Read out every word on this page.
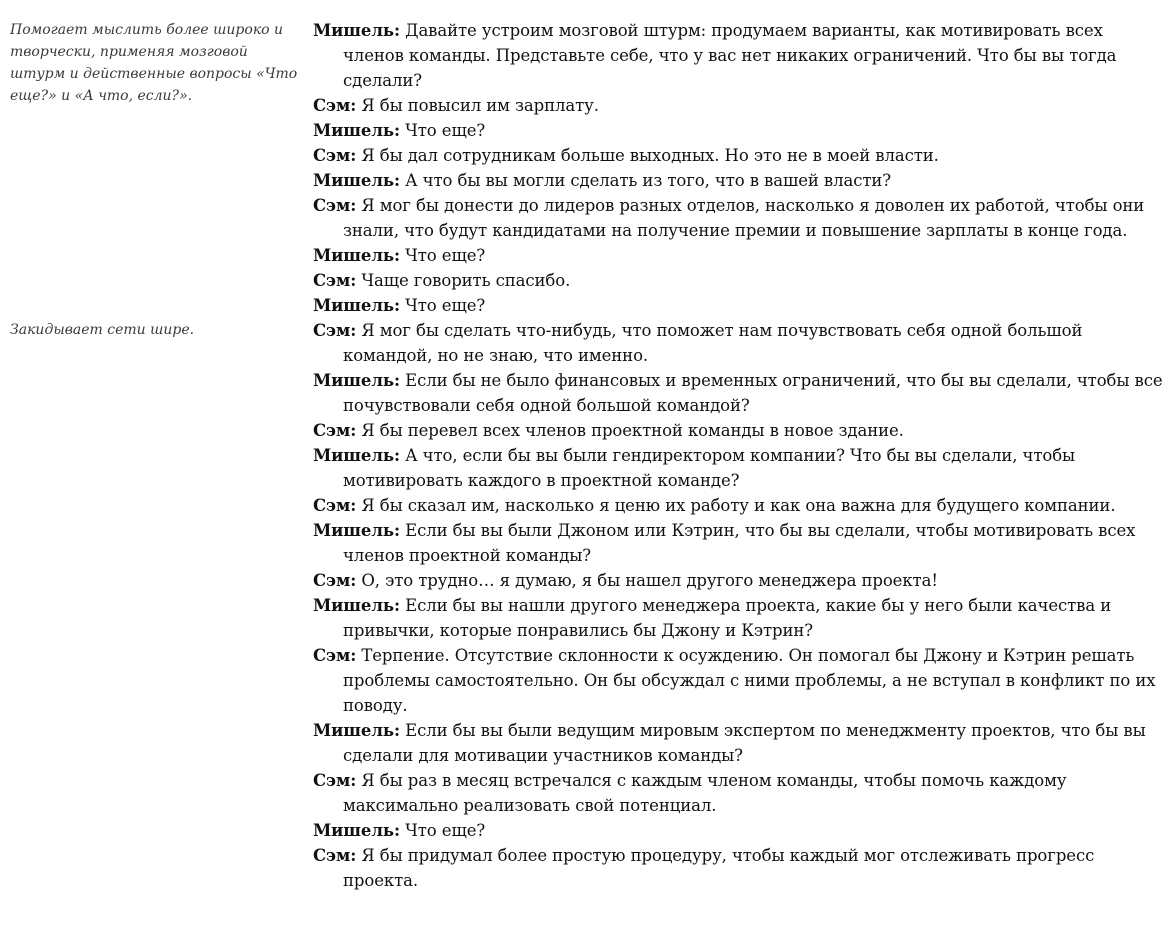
Помогает мыслить более широко и творчески, применяя мозговой штурм и действенные вопросы «Что еще?» и «А что, если?».

Закидывает сети шире.

Мишель: Давайте устроим мозговой штурм: продумаем варианты, как мотивировать всех членов команды. Представьте себе, что у вас нет никаких ограничений. Что бы вы тогда сделали?

Сэм: Я бы повысил им зарплату.

Мишель: Что еще?

Сэм: Я бы дал сотрудникам больше выходных. Но это не в моей власти.

Мишель: А что бы вы могли сделать из того, что в вашей власти?

Сэм: Я мог бы донести до лидеров разных отделов, насколько я доволен их работой, чтобы они знали, что будут кандидатами на получение премии и повышение зарплаты в конце года.

Мишель: Что еще?

Сэм: Чаще говорить спасибо.

Мишель: Что еще?

Сэм: Я мог бы сделать что-нибудь, что поможет нам почувствовать себя одной большой командой, но не знаю, что именно.

Мишель: Если бы не было финансовых и временных ограничений, что бы вы сделали, чтобы все почувствовали себя одной большой командой?

Сэм: Я бы перевел всех членов проектной команды в новое здание.

Мишель: А что, если бы вы были гендиректором компании? Что бы вы сделали, чтобы мотивировать каждого в проектной команде?

Сэм: Я бы сказал им, насколько я ценю их работу и как она важна для будущего компании.

Мишель: Если бы вы были Джоном или Кэтрин, что бы вы сделали, чтобы мотивировать всех членов проектной команды?

Сэм: О, это трудно… я думаю, я бы нашел другого менеджера проекта!

Мишель: Если бы вы нашли другого менеджера проекта, какие бы у него были качества и привычки, которые понравились бы Джону и Кэтрин?

Сэм: Терпение. Отсутствие склонности к осуждению. Он помогал бы Джону и Кэтрин решать проблемы самостоятельно. Он бы обсуждал с ними проблемы, а не вступал в конфликт по их поводу.

Мишель: Если бы вы были ведущим мировым экспертом по менеджменту проектов, что бы вы сделали для мотивации участников команды?

Сэм: Я бы раз в месяц встречался с каждым членом команды, чтобы помочь каждому максимально реализовать свой потенциал.

Мишель: Что еще?

Сэм: Я бы придумал более простую процедуру, чтобы каждый мог отслеживать прогресс проекта.
